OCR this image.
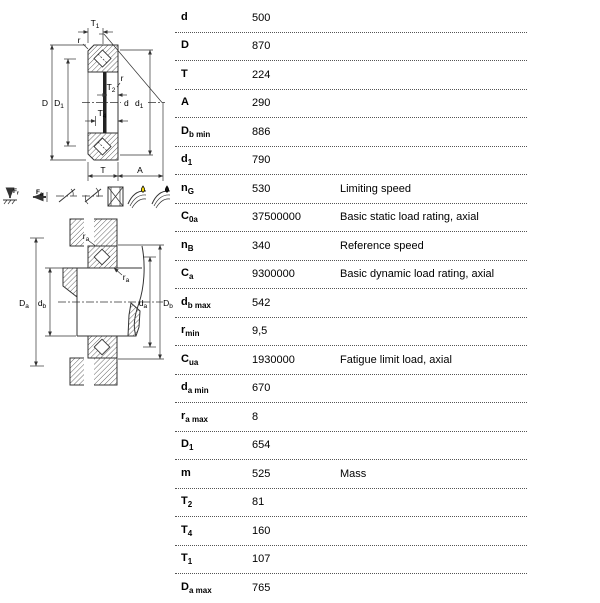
$T_1$
r
r
D $D_1$	d $d_1$
$T_2$
$T_4$
T	A
$F_r$	$F_a$
$r_a$
$r_a$
$D_a$ $d_b$	$d_a$ $D_b$
d	500
D	870
T	224
A	290
$D_{b min}$	886
$d_1$	790
$n_G$	530	Limiting speed
$C_{0a}$	37500000	Basic static load rating, axial
$n_B$	340	Reference speed
$C_a$	9300000	Basic dynamic load rating, axial
$d_{b max}$	542
$r_{min}$	9,5
$C_{ua}$	1930000	Fatigue limit load, axial
$d_{a min}$	670
$r_{a max}$	8
$D_1$	654
m	525	Mass
$T_2$	81
$T_4$	160
$T_1$	107
$D_{a max}$	765
